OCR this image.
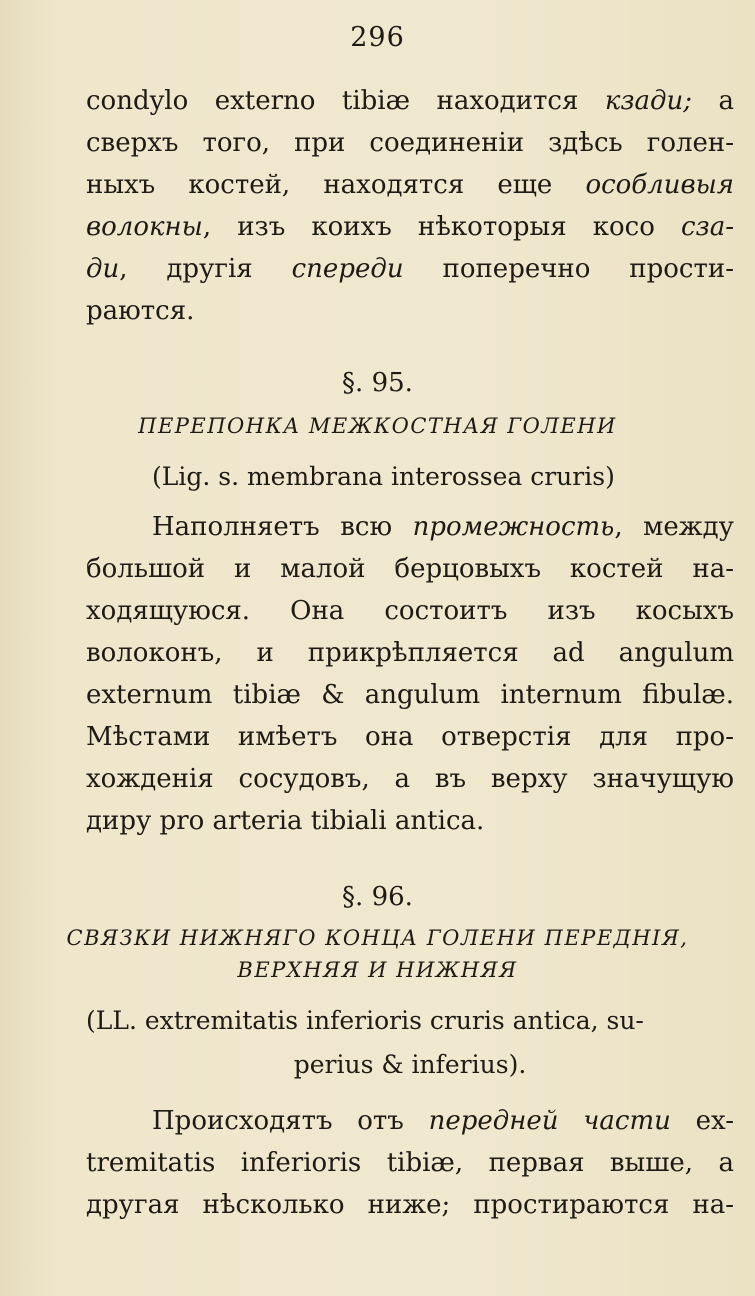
296
condylo externo tibiæ находится кзади; а
сверхъ того, при соединеніи здѣсь голен-
ныхъ костей, находятся еще особливыя
волокны, изъ коихъ нѣкоторыя косо сза-
ди, другія спереди поперечно прости-
раются.
§. 95.
ПЕРЕПОНКА МЕЖКОСТНАЯ ГОЛЕНИ
(Lig. s. membrana interossea cruris)
Наполняетъ всю промежность, между
большой и малой берцовыхъ костей на-
ходящуюся. Она состоитъ изъ косыхъ
волоконъ, и прикрѣпляется ad angulum
externum tibiæ & angulum internum fibulæ.
Мѣстами имѣетъ она отверстія для про-
хожденія сосудовъ, а въ верху значущую
диру pro arteria tibiali antica.
§. 96.
СВЯЗКИ НИЖНЯГО КОНЦА ГОЛЕНИ ПЕРЕДНІЯ,
ВЕРХНЯЯ И НИЖНЯЯ
(LL. extremitatis inferioris cruris antica, su-
perius & inferius).
Происходятъ отъ передней части ex-
tremitatis inferioris tibiæ, первая выше, а
другая нѣсколько ниже; простираются на-
